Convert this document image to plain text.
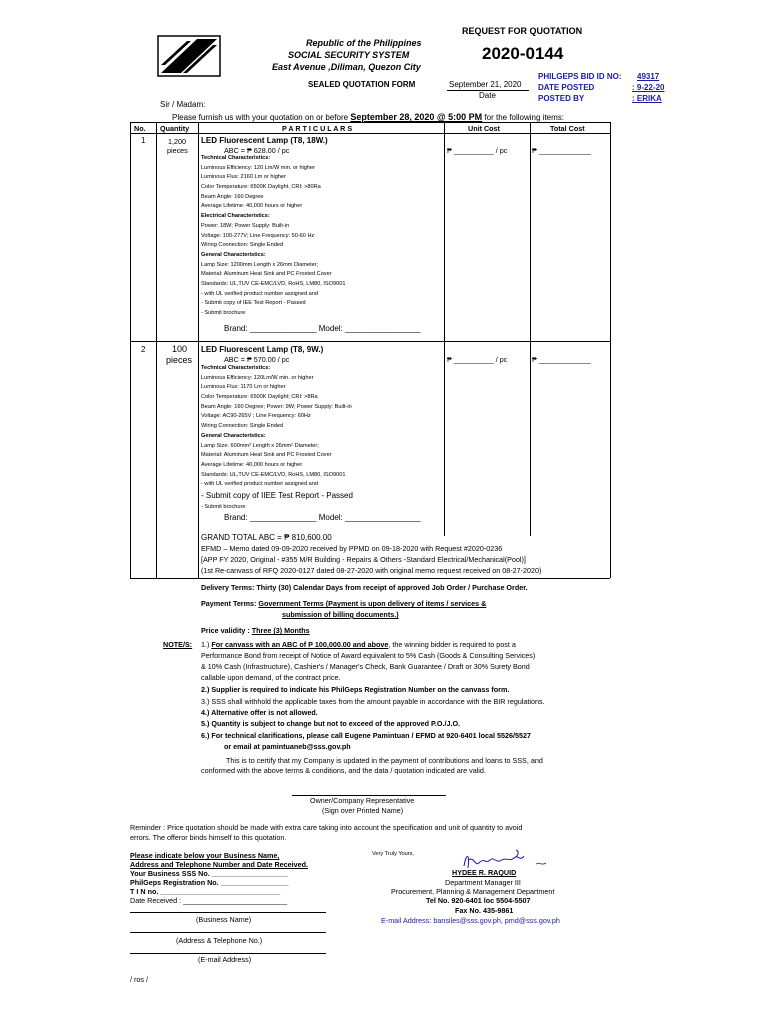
REQUEST FOR QUOTATION
2020-0144
Republic of the Philippines
SOCIAL SECURITY SYSTEM
East Avenue ,Diliman, Quezon City
SEALED QUOTATION FORM	September 21, 2020
Date
PHILGEPS BID ID NO: 49317
DATE POSTED	: 9-22-20
POSTED BY	: ERIKA
Sir / Madam:
Please furnish us with your quotation on or before September 28, 2020 @ 5:00 PM for the following items:
No. Quantity	P A R T I C U L A R S	Unit Cost	Total Cost
1	1,200
pieces
LED Fluorescent Lamp (T8, 18W.)
ABC = ₱ 628.00 / pc	₱ __________ / pc	₱ _____________
Technical Characteristics:
Luminous Efficiency: 120 Lm/W min. or higher
Luminous Flux: 2160 Lm or higher
Color Temperature: 6500K Daylight, CRI: >80Ra
Beam Angle: 160 Degree
Average Lifetime: 40,000 hours or higher
Electrical Characteristics:
Power: 18W; Power Supply: Built-in
Voltage: 100-277V; Line Frequency: 50-60 Hz
Wiring Connection: Single Ended
General Characteristics:
Lamp Size: 1200mm Length x 26mm Diameter;
Material: Aluminum Heat Sink and PC Frosted Cover
Standards: UL,TUV CE-EMC/LVD, RoHS, LM80, ISO9001
- with UL verified product number assigned and
- Submit copy of IEE Test Report - Passed
- Submit brochure
Brand: _______________ Model: _________________
2	100
pieces
LED Fluorescent Lamp (T8, 9W.)
ABC = ₱ 570.00 / pc	₱ __________ / pc	₱ _____________
Technical Characteristics:
Luminous Efficiency: 120Lm/W min. or higher
Luminous Flux: 1170 Lm or higher
Color Temperature: 6500K Daylight; CRI: >8Ra
Beam Angle: 160 Degree; Power: 9W; Power Supply: Built-in
Voltage: AC90-265V ; Line Frequency: 60Hz
Wiring Connection: Single Ended
General Characteristics:
Lamp Size: 600mm² Length x 26mm² Diameter;
Material: Aluminum Heat Sink and PC Frosted Cover
Average Lifetime: 40,000 hours or higher
Standards: UL,TUV CE-EMC/LVD, RoHS, LM80, ISO9001
- with UL verified product number assigned and
- Submit copy of IIEE Test Report - Passed
- Submit brochure
Brand: _______________ Model: _________________
GRAND TOTAL ABC = ₱ 810,600.00
EFMD – Memo dated 09-09-2020 received by PPMD on 09-18-2020 with Request #2020-0236
[APP FY 2020, Original - #355 M/R Building - Repairs & Others -Standard Electrical/Mechanical(Pool)]
(1st Re-canvass of RFQ 2020-0127 dated 08-27-2020 with original memo request received on 08-27-2020)
Delivery Terms: Thirty (30) Calendar Days from receipt of approved Job Order / Purchase Order.
Payment Terms: Government Terms (Payment is upon delivery of items / services &
submission of billing documents.)
Price validity : Three (3) Months
NOTE/S: 1.) For canvass with an ABC of P 100,000.00 and above, the winning bidder is required to post a
Performance Bond from receipt of Notice of Award equivalent to 5% Cash (Goods & Consulting Services)
& 10% Cash (Infrastructure), Cashier's / Manager's Check, Bank Guarantee / Draft or 30% Surety Bond
callable upon demand, of the contract price.
2.) Supplier is required to indicate his PhilGeps Registration Number on the canvass form.
3.) SSS shall withhold the applicable taxes from the amount payable in accordance with the BIR regulations.
4.) Alternative offer is not allowed.
5.) Quantity is subject to change but not to exceed of the approved P.O./J.O.
6.) For technical clarifications, please call Eugene Pamintuan / EFMD at 920-6401 local 5526/5527
or email at pamintuaneb@sss.gov.ph
This is to certify that my Company is updated in the payment of contributions and loans to SSS, and
conformed with the above terms & conditions, and the data / quotation indicated are valid.
Owner/Company Representative
(Sign over Printed Name)
Reminder : Price quotation should be made with extra care taking into account the specification and unit of quantity to avoid
errors. The offeror binds himself to this quotation.
Please indicate below your Business Name,
Address and Telephone Number and Date Received.
Your Business SSS No. ___________________
PhilGeps Registration No. _________________
T I N no. ______________________________
Date Received : __________________________
(Business Name)
(Address & Telephone No.)
(E-mail Address)
/ ros /
Very Truly Yours,
HYDEE R. RAQUID
Department Manager III
Procurement, Planning & Management Department
Tel No. 920-6401 loc 5504-5507
Fax No. 435-9861
E-mail Address: bansiles@sss.gov.ph, pmd@sss.gov.ph
